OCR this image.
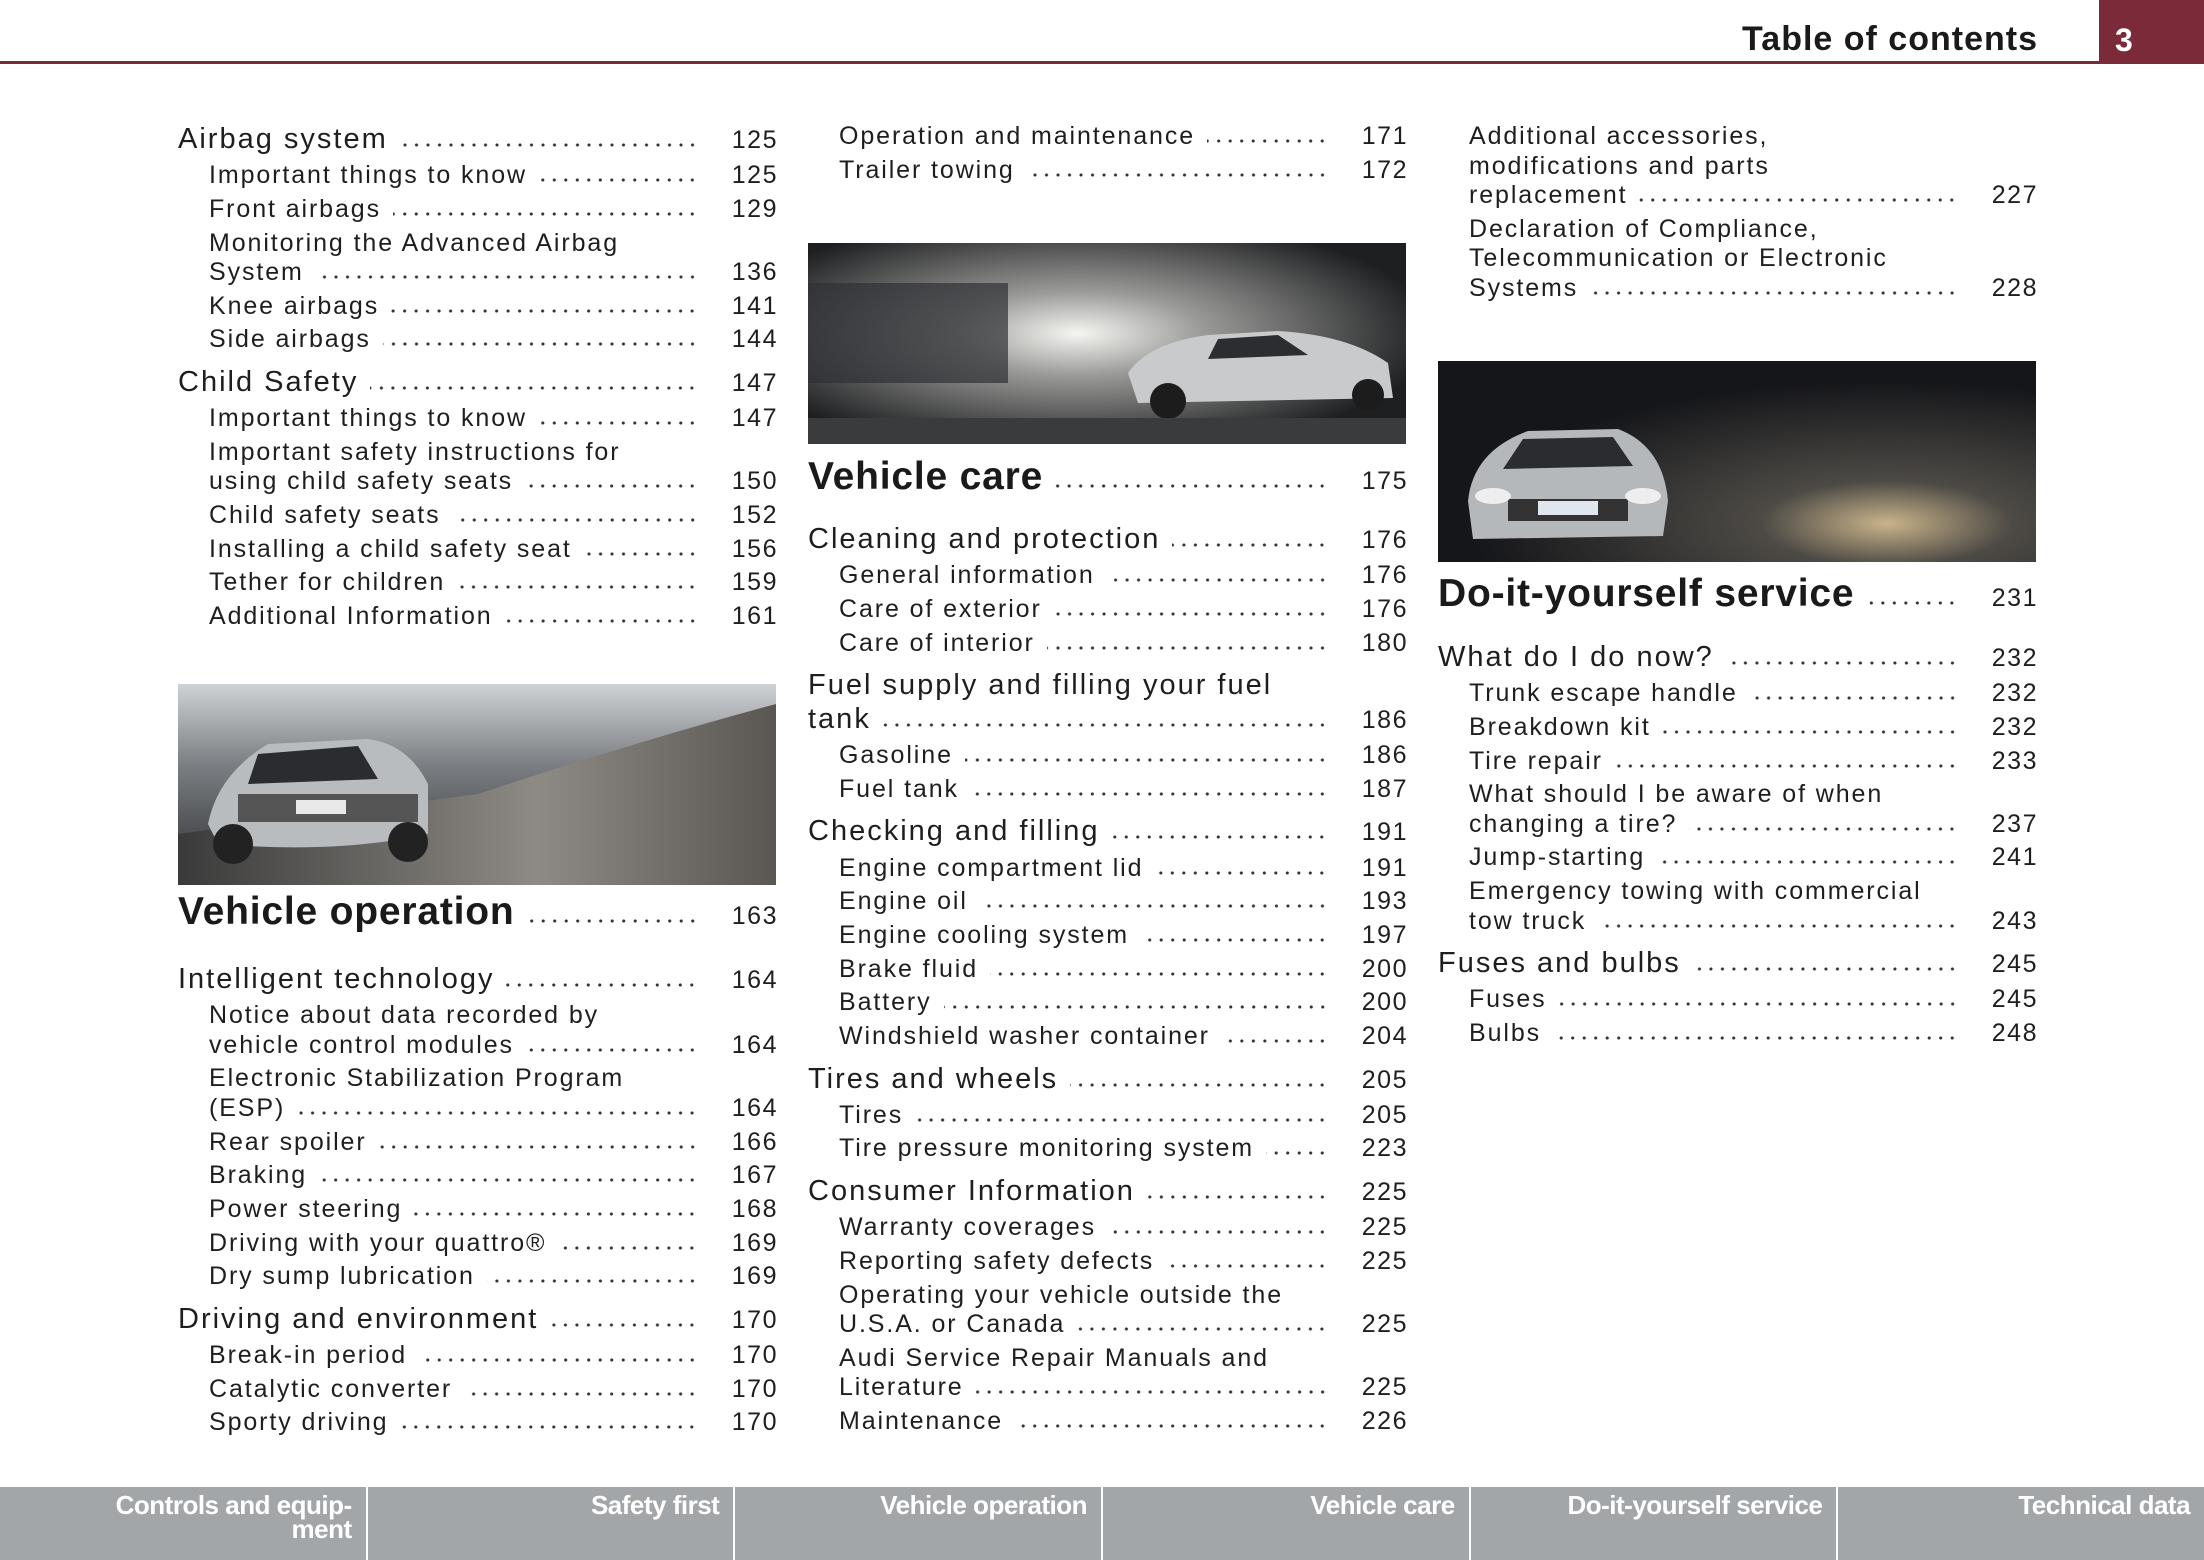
Table of contents	3
Airbag system	125
Important things to know	125
Front airbags	129
Monitoring the Advanced Airbag
System	136
Knee airbags	141
Side airbags	144
Child Safety	147
Important things to know	147
Important safety instructions for
using child safety seats	150
Child safety seats	152
Installing a child safety seat	156
Tether for children	159
Additional Information	161
Vehicle operation	163
Intelligent technology	164
Notice about data recorded by
vehicle control modules	164
Electronic Stabilization Program
(ESP)	164
Rear spoiler	166
Braking	167
Power steering	168
Driving with your quattro®	169
Dry sump lubrication	169
Driving and environment	170
Break-in period	170
Catalytic converter	170
Sporty driving	170
Operation and maintenance	171
Trailer towing	172
Vehicle care	175
Cleaning and protection	176
General information	176
Care of exterior	176
Care of interior	180
Fuel supply and filling your fuel
tank	186
Gasoline	186
Fuel tank	187
Checking and filling	191
Engine compartment lid	191
Engine oil	193
Engine cooling system	197
Brake fluid	200
Battery	200
Windshield washer container	204
Tires and wheels	205
Tires	205
Tire pressure monitoring system	223
Consumer Information	225
Warranty coverages	225
Reporting safety defects	225
Operating your vehicle outside the
U.S.A. or Canada	225
Audi Service Repair Manuals and
Literature	225
Maintenance	226
Additional accessories,
modifications and parts
replacement	227
Declaration of Compliance,
Telecommunication or Electronic
Systems	228
Do-it-yourself service	231
What do I do now?	232
Trunk escape handle	232
Breakdown kit	232
Tire repair	233
What should I be aware of when
changing a tire?	237
Jump-starting	241
Emergency towing with commercial
tow truck	243
Fuses and bulbs	245
Fuses	245
Bulbs	248
Controls and equip-
ment
Safety first	Vehicle operation	Vehicle care	Do-it-yourself service	Technical data
